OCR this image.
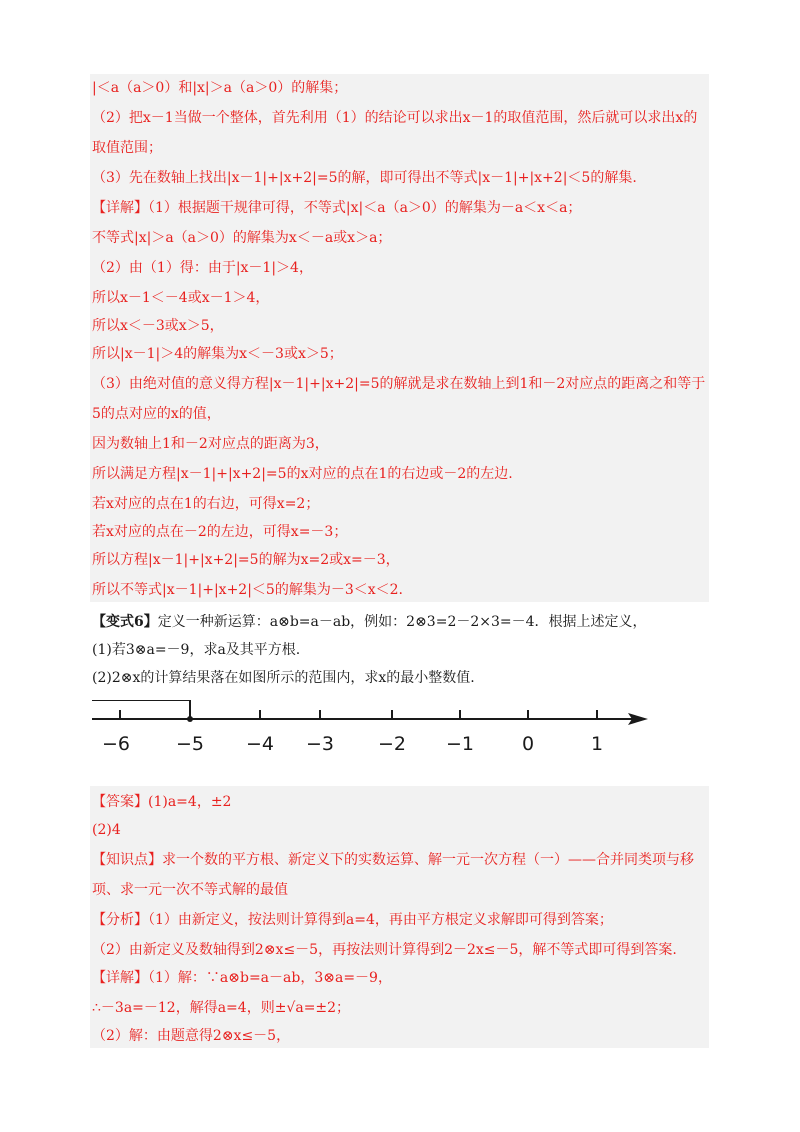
|＜a（a＞0）和|x|＞a（a＞0）的解集；
（2）把x－1当做一个整体，首先利用（1）的结论可以求出x－1的取值范围，然后就可以求出x的
取值范围；
（3）先在数轴上找出|x－1|+|x+2|=5的解，即可得出不等式|x－1|+|x+2|＜5的解集.
【详解】（1）根据题干规律可得，不等式|x|＜a（a＞0）的解集为－a＜x＜a；
不等式|x|＞a（a＞0）的解集为x＜－a或x＞a；
（2）由（1）得：由于|x－1|＞4，
所以x－1＜－4或x－1＞4，
所以x＜－3或x＞5，
所以|x－1|＞4的解集为x＜－3或x＞5；
（3）由绝对值的意义得方程|x－1|+|x+2|=5的解就是求在数轴上到1和－2对应点的距离之和等于
5的点对应的x的值，
因为数轴上1和－2对应点的距离为3，
所以满足方程|x－1|+|x+2|=5的x对应的点在1的右边或－2的左边.
若x对应的点在1的右边，可得x=2；
若x对应的点在－2的左边，可得x=－3；
所以方程|x－1|+|x+2|=5的解为x=2或x=－3，
所以不等式|x－1|+|x+2|＜5的解集为－3＜x＜2.
【变式6】定义一种新运算：a⊗b=a－ab，例如：2⊗3=2－2×3=－4．根据上述定义，
(1)若3⊗a=－9，求a及其平方根.
(2)2⊗x的计算结果落在如图所示的范围内，求x的最小整数值.
−6 −5 −4 −3 −2 −1	0	1
【答案】(1)a=4，±2
(2)4
【知识点】求一个数的平方根、新定义下的实数运算、解一元一次方程（一）——合并同类项与移
项、求一元一次不等式解的最值
【分析】（1）由新定义，按法则计算得到a=4，再由平方根定义求解即可得到答案；
（2）由新定义及数轴得到2⊗x≤－5，再按法则计算得到2－2x≤－5，解不等式即可得到答案.
【详解】（1）解：∵a⊗b=a－ab，3⊗a=－9，
∴－3a=－12，解得a=4，则±√a=±2；
（2）解：由题意得2⊗x≤－5，
